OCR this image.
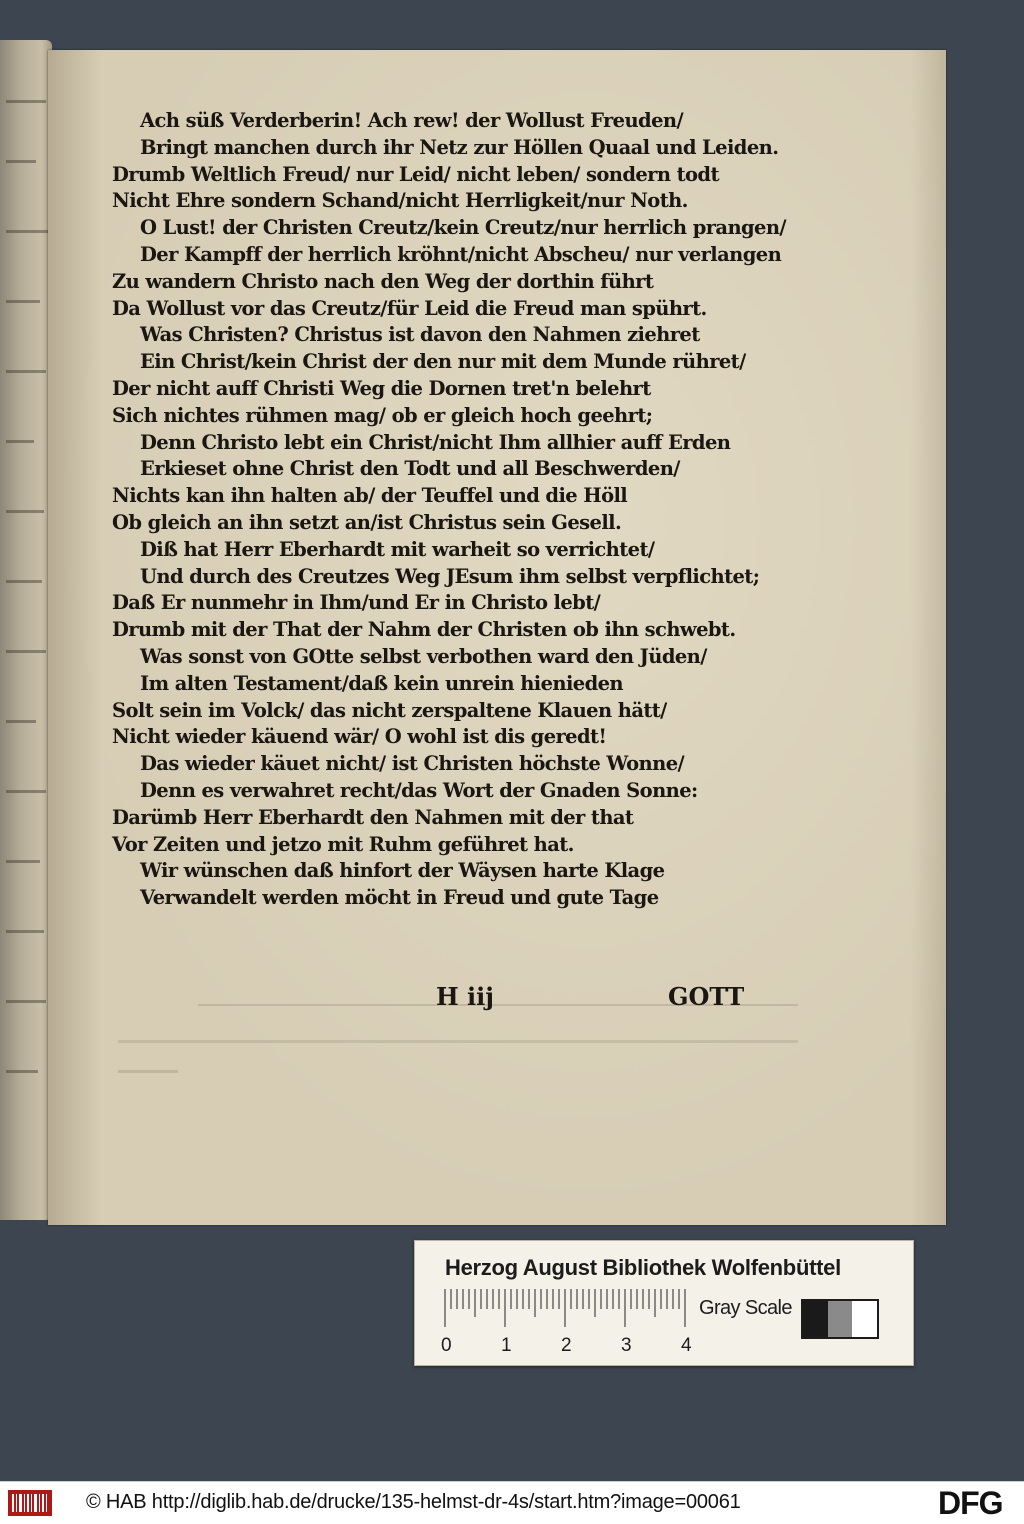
Ach süß Verderberin! Ach rew! der Wollust Freuden/
Bringt manchen durch ihr Netz zur Höllen Quaal und Leiden.
Drumb Weltlich Freud/ nur Leid/ nicht leben/ sondern todt
Nicht Ehre sondern Schand/nicht Herrligkeit/nur Noth.
O Lust! der Christen Creutz/kein Creutz/nur herrlich prangen/
Der Kampff der herrlich kröhnt/nicht Abscheu/ nur verlangen
Zu wandern Christo nach den Weg der dorthin führt
Da Wollust vor das Creutz/für Leid die Freud man spührt.
Was Christen? Christus ist davon den Nahmen ziehret
Ein Christ/kein Christ der den nur mit dem Munde rühret/
Der nicht auff Christi Weg die Dornen tret'n belehrt
Sich nichtes rühmen mag/ ob er gleich hoch geehrt;
Denn Christo lebt ein Christ/nicht Ihm allhier auff Erden
Erkieset ohne Christ den Todt und all Beschwerden/
Nichts kan ihn halten ab/ der Teuffel und die Höll
Ob gleich an ihn setzt an/ist Christus sein Gesell.
Diß hat Herr Eberhardt mit warheit so verrichtet/
Und durch des Creutzes Weg JEsum ihm selbst verpflichtet;
Daß Er nunmehr in Ihm/und Er in Christo lebt/
Drumb mit der That der Nahm der Christen ob ihn schwebt.
Was sonst von GOtte selbst verbothen ward den Jüden/
Im alten Testament/daß kein unrein hienieden
Solt sein im Volck/ das nicht zerspaltene Klauen hätt/
Nicht wieder käuend wär/ O wohl ist dis geredt!
Das wieder käuet nicht/ ist Christen höchste Wonne/
Denn es verwahret recht/das Wort der Gnaden Sonne:
Darümb Herr Eberhardt den Nahmen mit der that
Vor Zeiten und jetzo mit Ruhm geführet hat.
Wir wünschen daß hinfort der Wäysen harte Klage
Verwandelt werden möcht in Freud und gute Tage
H iij	GOTT
Herzog August Bibliothek Wolfenbüttel
0	1	2	3	4
Gray Scale
© HAB http://diglib.hab.de/drucke/135-helmst-dr-4s/start.htm?image=00061	DFG
